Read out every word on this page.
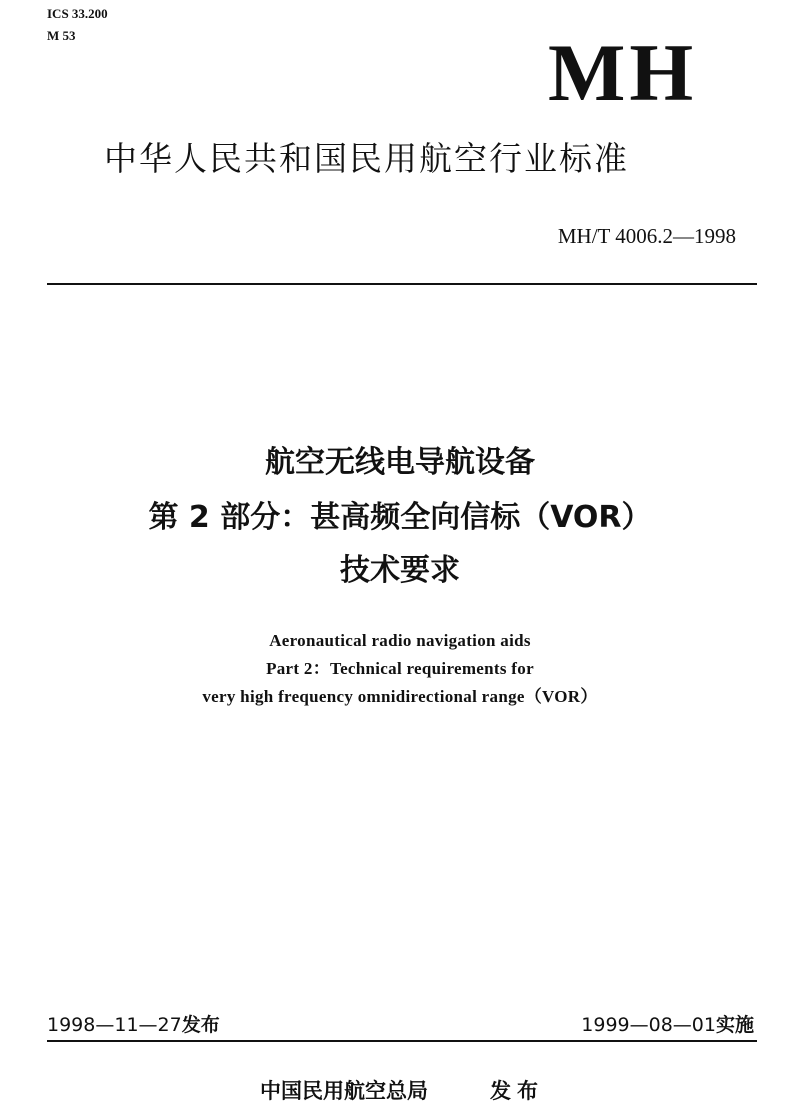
ICS 33.200
M 53	MH
中华人民共和国民用航空行业标准
MH/T 4006.2—1998
航空无线电导航设备
第 2 部分：甚高频全向信标（VOR）
技术要求
Aeronautical radio navigation aids
Part 2：Technical requirements for
very high frequency omnidirectional range（VOR）
1998—11—27发布	1999—08—01实施
中国民用航空总局	发布
